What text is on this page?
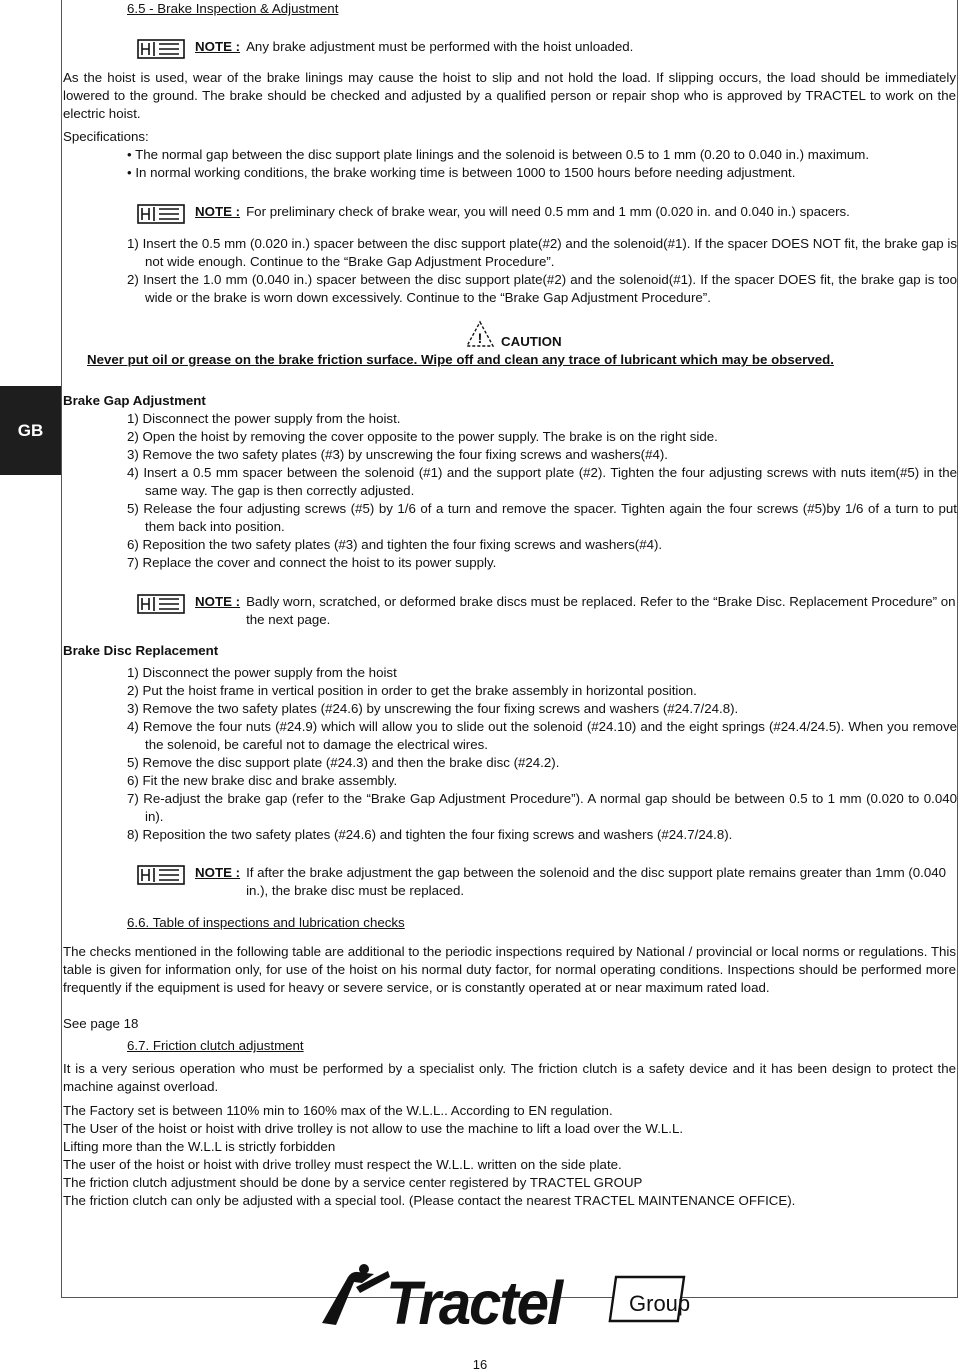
6.5 - Brake Inspection & Adjustment
NOTE : Any brake adjustment must be performed with the hoist unloaded.
As the hoist is used, wear of the brake linings may cause the hoist to slip and not hold the load. If slipping occurs, the load should be immediately lowered to the ground. The brake should be checked and adjusted by a qualified person or repair shop who is approved by TRACTEL to work on the electric hoist.
Specifications:
• The normal gap between the disc support plate linings and the solenoid is between 0.5 to 1 mm (0.20 to 0.040 in.) maximum.
• In normal working conditions, the brake working time is between 1000 to 1500 hours before needing adjustment.
NOTE : For preliminary check of brake wear, you will need 0.5 mm and 1 mm (0.020 in. and 0.040 in.) spacers.
1) Insert the 0.5 mm (0.020 in.) spacer between the disc support plate(#2) and the solenoid(#1). If the spacer DOES NOT fit, the brake gap is not wide enough. Continue to the “Brake Gap Adjustment Procedure”.
2) Insert the 1.0 mm (0.040 in.) spacer between the disc support plate(#2) and the solenoid(#1). If the spacer DOES fit, the brake gap is too wide or the brake is worn down excessively. Continue to the “Brake Gap Adjustment Procedure”.
! CAUTION
Never put oil or grease on the brake friction surface. Wipe off and clean any trace of lubricant which may be observed.
GB
Brake Gap Adjustment
1) Disconnect the power supply from the hoist.
2) Open the hoist by removing the cover opposite to the power supply. The brake is on the right side.
3) Remove the two safety plates (#3) by unscrewing the four fixing screws and washers(#4).
4) Insert a 0.5 mm spacer between the solenoid (#1) and the support plate (#2). Tighten the four adjusting screws with nuts item(#5) in the same way. The gap is then correctly adjusted.
5) Release the four adjusting screws (#5) by 1/6 of a turn and remove the spacer. Tighten again the four screws (#5)by 1/6 of a turn to put them back into position.
6) Reposition the two safety plates (#3) and tighten the four fixing screws and washers(#4).
7) Replace the cover and connect the hoist to its power supply.
NOTE : Badly worn, scratched, or deformed brake discs must be replaced. Refer to the “Brake Disc. Replacement Procedure” on the next page.
Brake Disc Replacement
1) Disconnect the power supply from the hoist
2) Put the hoist frame in vertical position in order to get the brake assembly in horizontal position.
3) Remove the two safety plates (#24.6) by unscrewing the four fixing screws and washers (#24.7/24.8).
4) Remove the four nuts (#24.9) which will allow you to slide out the solenoid (#24.10) and the eight springs (#24.4/24.5). When you remove the solenoid, be careful not to damage the electrical wires.
5) Remove the disc support plate (#24.3) and then the brake disc (#24.2).
6) Fit the new brake disc and brake assembly.
7) Re-adjust the brake gap (refer to the “Brake Gap Adjustment Procedure”). A normal gap should be between 0.5 to 1 mm (0.020 to 0.040 in).
8) Reposition the two safety plates (#24.6) and tighten the four fixing screws and washers (#24.7/24.8).
NOTE : If after the brake adjustment the gap between the solenoid and the disc support plate remains greater than 1mm (0.040 in.), the brake disc must be replaced.
6.6. Table of inspections and lubrication checks
The checks mentioned in the following table are additional to the periodic inspections required by National / provincial or local norms or regulations. This table is given for information only, for use of the hoist on his normal duty factor, for normal operating conditions. Inspections should be performed more frequently if the equipment is used for heavy or severe service, or is constantly operated at or near maximum rated load.
See page 18
6.7. Friction clutch adjustment
It is a very serious operation who must be performed by a specialist only. The friction clutch is a safety device and it has been design to protect the machine against overload.
The Factory set is between 110% min to 160% max of the W.L.L.. According to EN regulation.
The User of the hoist or hoist with drive trolley is not allow to use the machine to lift a load over the W.L.L.
Lifting more than the W.L.L is strictly forbidden
The user of the hoist or hoist with drive trolley must respect the W.L.L. written on the side plate.
The friction clutch adjustment should be done by a service center registered by TRACTEL GROUP
The friction clutch can only be adjusted with a special tool. (Please contact the nearest TRACTEL MAINTENANCE OFFICE).
Tractel	Group
16
